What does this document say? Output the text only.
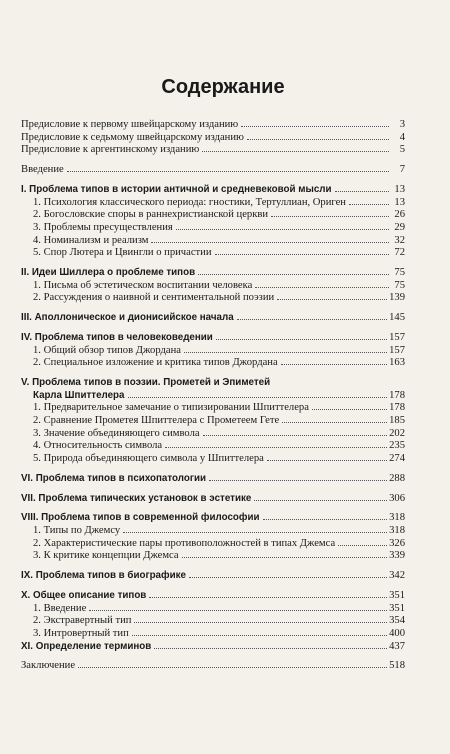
Содержание
Предисловие к первому швейцарскому изданию	3
Предисловие к седьмому швейцарскому изданию	4
Предисловие к аргентинскому изданию	5
Введение	7
I. Проблема типов в истории античной и средневековой мысли	13
1. Психология классического периода: гностики, Тертуллиан, Ориген	13
2. Богословские споры в раннехристианской церкви	26
3. Проблемы пресуществления	29
4. Номинализм и реализм	32
5. Спор Лютера и Цвингли о причастии	72
II. Идеи Шиллера о проблеме типов	75
1. Письма об эстетическом воспитании человека	75
2. Рассуждения о наивной и сентиментальной поэзии	139
III. Аполлоническое и дионисийское начала	145
IV. Проблема типов в человековедении	157
1. Общий обзор типов Джордана	157
2. Специальное изложение и критика типов Джордана	163
V. Проблема типов в поэзии. Прометей и Эпиметей
Карла Шпиттелера	178
1. Предварительное замечание о типизировании Шпиттелера	178
2. Сравнение Прометея Шпиттелера с Прометеем Гете	185
3. Значение объединяющего символа	202
4. Относительность символа	235
5. Природа объединяющего символа у Шпиттелера	274
VI. Проблема типов в психопатологии	288
VII. Проблема типических установок в эстетике	306
VIII. Проблема типов в современной философии	318
1. Типы по Джемсу	318
2. Характеристические пары противоположностей в типах Джемса	326
3. К критике концепции Джемса	339
IX. Проблема типов в биографике	342
X. Общее описание типов	351
1. Введение	351
2. Экстравертный тип	354
3. Интровертный тип	400
XI. Определение терминов	437
Заключение	518
